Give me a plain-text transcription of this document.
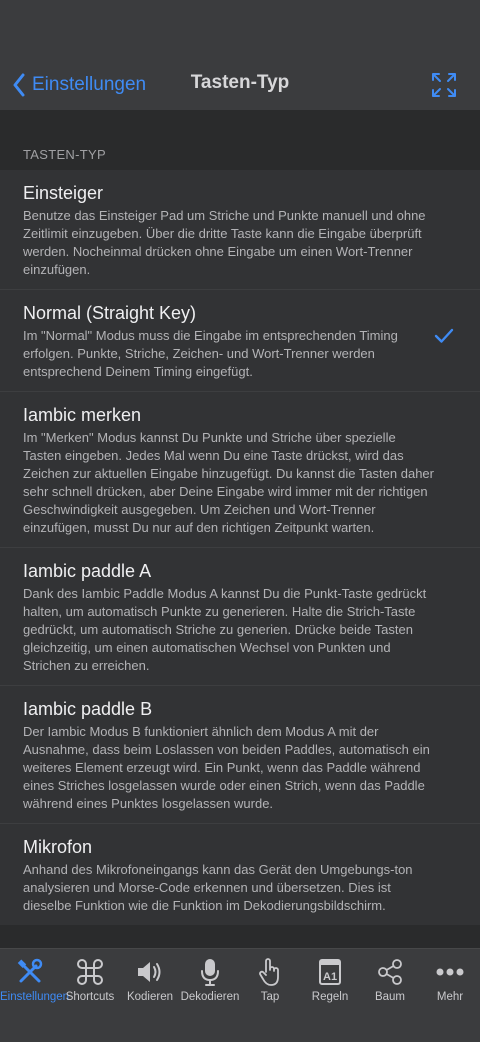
Einstellungen	Tasten-Typ
TASTEN-TYP
Einsteiger
Benutze das Einsteiger Pad um Striche und Punkte manuell und ohne Zeitlimit einzugeben. Über die dritte Taste kann die Eingabe überprüft werden. Nocheinmal drücken ohne Eingabe um einen Wort-Trenner einzufügen.
Normal (Straight Key)
Im "Normal" Modus muss die Eingabe im entsprechenden Timing erfolgen. Punkte, Striche, Zeichen- und Wort-Trenner werden entsprechend Deinem Timing eingefügt.
Iambic merken
Im "Merken" Modus kannst Du Punkte und Striche über spezielle Tasten eingeben. Jedes Mal wenn Du eine Taste drückst, wird das Zeichen zur aktuellen Eingabe hinzugefügt. Du kannst die Tasten daher sehr schnell drücken, aber Deine Eingabe wird immer mit der richtigen Geschwindigkeit ausgegeben. Um Zeichen und Wort-Trenner einzufügen, musst Du nur auf den richtigen Zeitpunkt warten.
Iambic paddle A
Dank des Iambic Paddle Modus A kannst Du die Punkt-Taste gedrückt halten, um automatisch Punkte zu generieren. Halte die Strich-Taste gedrückt, um automatisch Striche zu generien. Drücke beide Tasten gleichzeitig, um einen automatischen Wechsel von Punkten und Strichen zu erreichen.
Iambic paddle B
Der Iambic Modus B funktioniert ähnlich dem Modus A mit der Ausnahme, dass beim Loslassen von beiden Paddles, automatisch ein weiteres Element erzeugt wird. Ein Punkt, wenn das Paddle während eines Striches losgelassen wurde oder einen Strich, wenn das Paddle während eines Punktes losgelassen wurde.
Mikrofon
Anhand des Mikrofoneingangs kann das Gerät den Umgebungs-ton analysieren und Morse-Code erkennen und übersetzen. Dies ist dieselbe Funktion wie die Funktion im Dekodierungsbildschirm.
Einstellungen
Shortcuts	Kodieren Dekodieren	Tap
A1
Regeln	Baum	Mehr
